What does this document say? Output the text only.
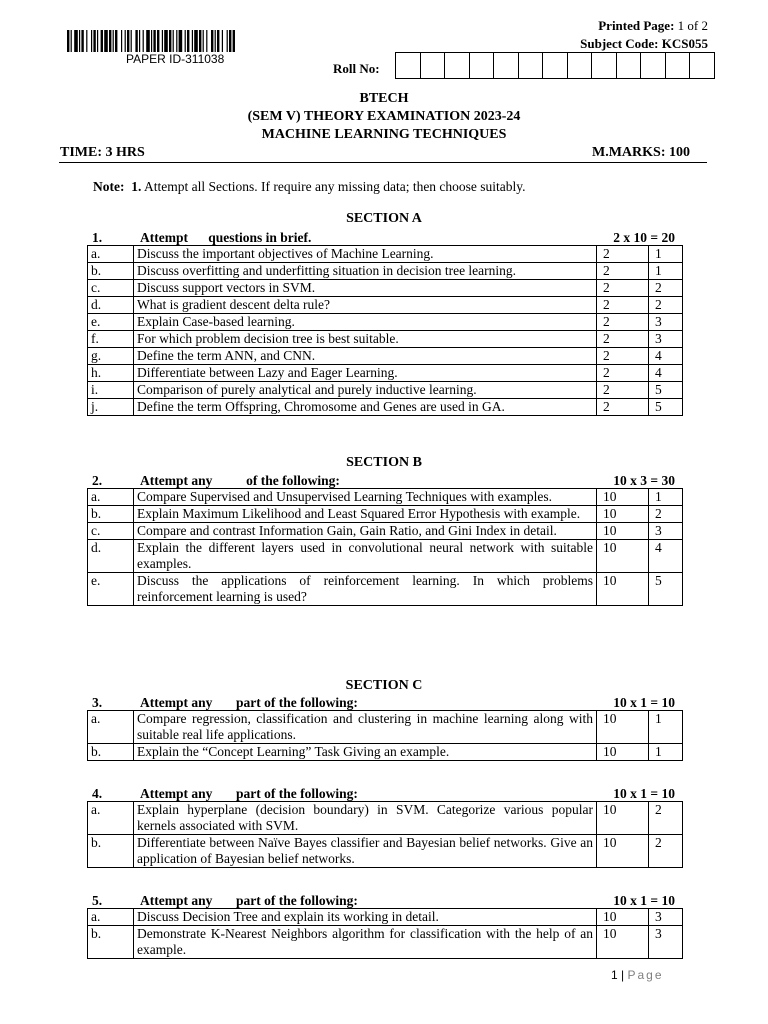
PAPER ID-311038
Printed Page: 1 of 2
Subject Code: KCS055
Roll No:
BTECH
(SEM V) THEORY EXAMINATION 2023-24
MACHINE LEARNING TECHNIQUES
TIME: 3 HRS	M.MARKS: 100
Note: 1. Attempt all Sections. If require any missing data; then choose suitably.
SECTION A
1.	Attempt      questions in brief.	2 x 10 = 20
a.	Discuss the important objectives of Machine Learning.	2	1
b.	Discuss overfitting and underfitting situation in decision tree learning.	2	1
c.	Discuss support vectors in SVM.	2	2
d.	What is gradient descent delta rule?	2	2
e.	Explain Case-based learning.	2	3
f.	For which problem decision tree is best suitable.	2	3
g.	Define the term ANN, and CNN.	2	4
h.	Differentiate between Lazy and Eager Learning.	2	4
i.	Comparison of purely analytical and purely inductive learning.	2	5
j.	Define the term Offspring, Chromosome and Genes are used in GA.	2	5
SECTION B
2.	Attempt any          of the following:	10 x 3 = 30
a.	Compare Supervised and Unsupervised Learning Techniques with examples.	10	1
b.	Explain Maximum Likelihood and Least Squared Error Hypothesis with example.	10	2
c.	Compare and contrast Information Gain, Gain Ratio, and Gini Index in detail.	10	3
d.	Explain the different layers used in convolutional neural network with suitable examples.	10	4
e.	Discuss the applications of reinforcement learning. In which problems reinforcement learning is used?	10	5
SECTION C
3.	Attempt any       part of the following:	10 x 1 = 10
a.	Compare regression, classification and clustering in machine learning along with suitable real life applications.	10	1
b.	Explain the “Concept Learning” Task Giving an example.	10	1
4.	Attempt any       part of the following:	10 x 1 = 10
a.	Explain hyperplane (decision boundary) in SVM. Categorize various popular kernels associated with SVM.	10	2
b.	Differentiate between Naïve Bayes classifier and Bayesian belief networks. Give an application of Bayesian belief networks.	10	2
5.	Attempt any       part of the following:	10 x 1 = 10
a.	Discuss Decision Tree and explain its working in detail.	10	3
b.	Demonstrate K-Nearest Neighbors algorithm for classification with the help of an example.	10	3
1 | Page
